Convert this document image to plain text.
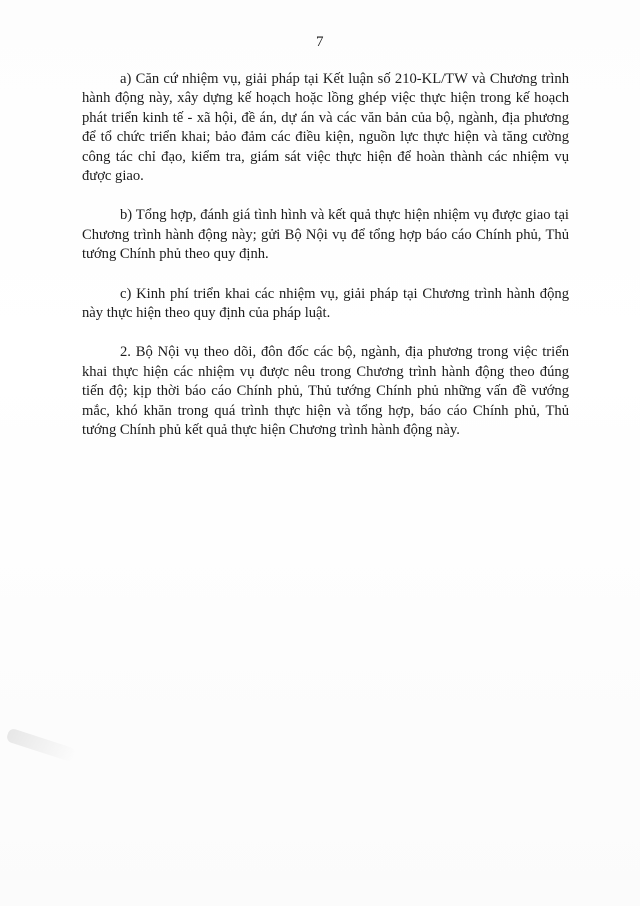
7

a) Căn cứ nhiệm vụ, giải pháp tại Kết luận số 210-KL/TW và Chương trình hành động này, xây dựng kế hoạch hoặc lồng ghép việc thực hiện trong kế hoạch phát triển kinh tế - xã hội, đề án, dự án và các văn bản của bộ, ngành, địa phương để tổ chức triển khai; bảo đảm các điều kiện, nguồn lực thực hiện và tăng cường công tác chỉ đạo, kiểm tra, giám sát việc thực hiện để hoàn thành các nhiệm vụ được giao.

b) Tổng hợp, đánh giá tình hình và kết quả thực hiện nhiệm vụ được giao tại Chương trình hành động này; gửi Bộ Nội vụ để tổng hợp báo cáo Chính phủ, Thủ tướng Chính phủ theo quy định.

c) Kinh phí triển khai các nhiệm vụ, giải pháp tại Chương trình hành động này thực hiện theo quy định của pháp luật.

2. Bộ Nội vụ theo dõi, đôn đốc các bộ, ngành, địa phương trong việc triển khai thực hiện các nhiệm vụ được nêu trong Chương trình hành động theo đúng tiến độ; kịp thời báo cáo Chính phủ, Thủ tướng Chính phủ những vấn đề vướng mắc, khó khăn trong quá trình thực hiện và tổng hợp, báo cáo Chính phủ, Thủ tướng Chính phủ kết quả thực hiện Chương trình hành động này.
